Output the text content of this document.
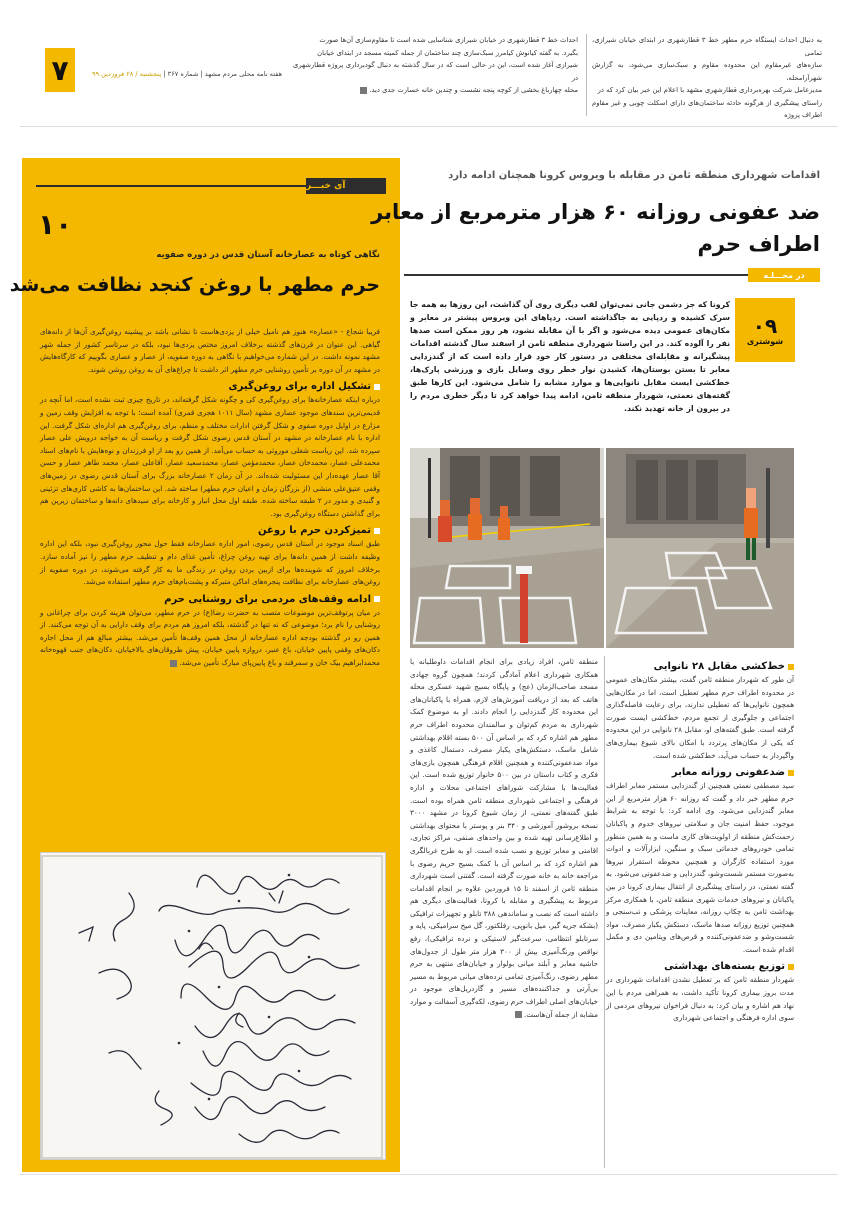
۷	هفته نامه محلی مردم مشهد | شماره ۳۶۷ | پنجشنبه / ۲۸ فروردین ۹۹
احداث خط ۳ قطارشهری در خیابان شیرازی شناسایی شده است تا مقاوم‌سازی آن‌ها صورت
بگیرد. به گفته کیانوش کیامرز سبک‌سازی چند ساختمان از جمله کمیته مسجد در ابتدای خیابان
شیرازی آغاز شده است، این در حالی است که در سال گذشته به دنبال گودبرداری پروژه قطارشهری در
محله چهارباغ بخشی از کوچه پنجه نشست و چندین خانه خسارت جدی دید.
به دنبال احداث ایستگاه حرم مطهر خط ۳ قطارشهری در ابتدای خیابان شیرازی، تمامی
سازه‌های غیرمقاوم این محدوده مقاوم و سبک‌سازی می‌شود، به گزارش شهرآرامحله،
مدیرعامل شرکت بهره‌برداری قطارشهری مشهد با اعلام این خبر بیان کرد که در
راستای پیشگیری از هرگونه حادثه ساختمان‌های دارای اسکلت چوبی و غیر مقاوم اطراف پروژه
آی خبـــر
۱۰
نگاهی کوتاه به عصارخانه آستان قدس در دوره صفویه
حرم مطهر با روغن کنجد نظافت می‌شد

فریبا شجاع - «عصاره» هنوز هم نامیل خیلی از یزدی‌هاست تا نشانی باشد بر پیشینه روغن‌گیری آن‌ها از دانه‌های گیاهی. این عنوان در قرن‌های گذشته برخلاف امروز مختص یزدی‌ها نبود، بلکه در سرتاسر کشور از جمله شهر مشهد نمونه داشت. در این شماره می‌خواهیم با نگاهی به دوره صفویه، از عصار و عصاری بگوییم که کارگاه‌هایش در مشهد در آن دوره بر تأمین روشنایی حرم مطهر اثر داشت تا چراغ‌های آن به روغن روشن شوند.

تشکیل اداره برای روغن‌گیری

درباره اینکه عصارخانه‌ها برای روغن‌گیری کی و چگونه شکل گرفته‌اند، در تاریخ چیزی ثبت نشده است، اما آنچه در قدیمی‌ترین سندهای موجود عصاری مشهد (سال ۱۰۱۱ هجری قمری) آمده است؛ با توجه به افزایش وقف زمین و مزارع در اوایل دوره صفوی و شکل گرفتن ادارات مختلف و منظم، برای روغن‌گیری هم اداره‌ای شکل گرفت. این اداره با نام عصارخانه در مشهد در آستان قدس رضوی شکل گرفت و ریاست آن به خواجه درویش علی عصار سپرده شد. این ریاست شغلی موروثی به حساب می‌آمد. از همین رو بعد از او فرزندان و نوه‌هایش با نام‌های استاد محمدعلی عصار، محمدخان عصار، محمدمؤمن عصار، محمدسعید عصار، آقاعلی عصار، محمد طاهر عصار و حسن آقا عصار عهده‌دار این مسئولیت شده‌اند. در آن زمان ۲ عصارخانه بزرگ برای آستان قدس رضوی در زمین‌های وقفی عتیق‌علی منشی (از بزرگان زمان و اعیان حرم مطهر) ساخته شد. این ساختمان‌ها به کاشی کاری‌های تزئینی و گنبدی و مدور در ۲ طبقه ساخته شده. طبقه اول محل انبار و کارخانه برای سیدهای دانه‌ها و ساختمان زیرین هم برای گذاشتن دستگاه روغن‌گیری بود.

تمیزکردن حرم با روغن

طبق اسناد موجود در آستان قدس رضوی، امور اداره عصارخانه فقط حول محور روغن‌گیری نبود، بلکه این اداره وظیفه داشت از همین دانه‌ها برای تهیه روغن چراغ، تأمین غذای دام و تنظیف حرم مطهر را نیز آماده سازد. برخلاف امروز که شوینده‌ها برای ازبین بردن روغن در زندگی ما به کار گرفته می‌شوند، در دوره صفویه از روغن‌های عصارخانه برای نظافت پنجره‌های اماکن متبرکه و پشت‌بام‌های حرم مطهر استفاده می‌شد.

ادامه وقف‌های مردمی برای روشنایی حرم

در میان پرتوقف‌ترین موضوعات متصب به حضرت رضا(ع) در حرم مطهر، می‌توان هزینه کردن برای چراغانی و روشنایی را نام برد؛ موضوعی که نه تنها در گذشته، بلکه امروز هم مردم برای وقف دارایی به آن توجه می‌کنند. از همین رو در گذشته بودجه اداره عصارخانه از محل همین وقف‌ها تأمین می‌شد. بیشتر مبالغ هم از محل اجاره دکان‌های وقفی پایین خیابان، باغ عنبر، دروازه پایین خیابان، پیش طروقان‌های بالاخیابان، دکان‌های جنب قهوه‌خانه محمدابراهیم بیک خان و سمرقند و باغ پایین‌پای مبارک تأمین می‌شد.

اقدامات شهرداری منطقه ثامن در مقابله با ویروس کرونا همچنان ادامه دارد
ضد عفونی روزانه ۶۰ هزار مترمربع از معابر
اطراف حرم
در محـــلـه
۰۹
شوشتری

کرونا که جز دشمن جانی نمی‌توان لقب دیگری روی آن گذاشت، این روزها به همه جا سرک کشیده و ردپایی به جاگذاشته است. ردپاهای این ویروس پیشتر در معابر و مکان‌های عمومی دیده می‌شود و اگر با آن مقابله نشود، هر روز ممکن است صدها نفر را آلوده کند. در این راستا شهرداری منطقه ثامن از اسفند سال گذشته اقدامات پیشگیرانه و مقابله‌ای مختلفی در دستور کار خود قرار داده است که از گندزدایی معابر تا بستن بوستان‌ها، کشیدن نوار خطر روی وسایل بازی و ورزشی پارک‌ها، خط‌کشی ایست مقابل نانوایی‌ها و موارد مشابه را شامل می‌شود. این کارها طبق گفته‌های نعمتی، شهردار منطقه ثامن، ادامه پیدا خواهد کرد تا دیگر خطری مردم را در بیرون از خانه تهدید نکند.

خط‌کشی مقابل ۲۸ نانوایی

آن طور که شهردار منطقه ثامن گفت، بیشتر مکان‌های عمومی در محدوده اطراف حرم مطهر تعطیل است، اما در مکان‌هایی همچون نانوایی‌ها که تعطیلی ندارند، برای رعایت فاصله‌گذاری اجتماعی و جلوگیری از تجمع مردم، خط‌کشی ایست صورت گرفته است. طبق گفته‌های او، مقابل ۲۸ نانوایی در این محدوده که یکی از مکان‌های پرتردد با امکان بالای شیوع بیماری‌های واگیردار به حساب می‌آید، خط‌کشی شده است.

ضدعفونی روزانه معابر

سید مصطفی نعمتی همچنین از گندزدایی مستمر معابر اطراف حرم مطهر خبر داد و گفت که روزانه ۶۰ هزار مترمربع از این معابر گندزدایی می‌شود. وی ادامه کرد: با توجه به شرایط موجود، حفظ امنیت جان و سلامتی نیروهای خدوم و پاکبانان زحمت‌کش منطقه از اولویت‌های کاری ماست و به همین منظور تمامی خودروهای خدماتی سبک و سنگین، ابزارآلات و ادوات مورد استفاده کارگران و همچنین محوطه استقرار نیروها به‌صورت مستمر شست‌وشو، گندزدایی و ضدعفونی می‌شود. به گفته نعمتی، در راستای پیشگیری از انتقال بیماری کرونا در بین پاکبانان و نیروهای خدمات شهری منطقه ثامن، با همکاری مرکز بهداشت ثامن به چکاپ روزانه، معاینات پزشکی و تب‌سنجی و همچنین توزیع روزانه صدها ماسک، دستکش یکبار مصرف، مواد شست‌وشو و ضدعفونی‌کننده و قرص‌های ویتامین دی و مکمل اقدام شده است.

توزیع بسته‌های بهداشتی

شهردار منطقه ثامن که بر تعطیل نشدن اقدامات شهرداری در مدت بروز بیماری کرونا تأکید داشت، به همراهی مردم با این نهاد هم اشاره و بیان کرد: به دنبال فراخوان نیروهای مردمی از سوی اداره فرهنگی و اجتماعی شهرداری

منطقه ثامن، افراد زیادی برای انجام اقدامات داوطلبانه با همکاری شهرداری اعلام آمادگی کردند؛ همچون گروه جهادی مسجد صاحب‌الزمان (عج) و پایگاه بسیج شهید عسکری محله هاتف که بعد از دریافت آموزش‌های لازم، همراه با پاکبانان‌های این محدوده کار گندزدایی را انجام دادند. او به موضوع کمک شهرداری به مردم کم‌توان و سالمندان محدوده اطراف حرم مطهر هم اشاره کرد که بر اساس آن ۵۰۰ بسته اقلام بهداشتی شامل ماسک، دستکش‌های یکبار مصرف، دستمال کاغذی و مواد ضدعفونی‌کننده و همچنین اقلام فرهنگی همچون بازی‌های فکری و کتاب داستان در بین ۵۰۰ خانوار توزیع شده است. این فعالیت‌ها با مشارکت شوراهای اجتماعی محلات و اداره فرهنگی و اجتماعی شهرداری منطقه ثامن همراه بوده است. طبق گفته‌های نعمتی، از زمان شیوع کرونا در مشهد ۳۰۰۰ نسخه بروشور آموزشی و ۳۴۰ بنر و پوستر با محتوای بهداشتی و اطلاع‌رسانی تهیه شده و بین واحدهای صنفی، مراکز تجاری، اقامتی و معابر توزیع و نصب شده است. او به طرح غربالگری هم اشاره کرد که بر اساس آن با کمک بسیج حریم رضوی با مراجعه خانه به خانه صورت گرفته است. گفتنی است شهرداری منطقه ثامن از اسفند تا ۱۵ فروردین علاوه بر انجام اقدامات مربوط به پیشگیری و مقابله با کرونا، فعالیت‌های دیگری هم داشته است که نصب و ساماندهی ۳۸۸ تابلو و تجهیزات ترافیکی (بشکه جریه گیر، میل بانوپی، رفلکتور، گل میخ سرامیکی، پایه و سرتابلو انتظامی، سرعت‌گیر لاستیکی و نرده ترافیکی)، رفع نواقص ورنگ‌آمیزی بیش از ۳۰۰ هزار متر طول از جدول‌های حاشیه معابر و آبلند میانی بولوار و خیابان‌های منتهی به حرم مطهر رضوی، رنگ‌آمیزی تمامی نرده‌های میانی مربوط به مسیر بی‌آرتی و جداکننده‌های مسیر و گاردریل‌های موجود در خیابان‌های اصلی اطراف حرم رضوی، لکه‌گیری آسفالت و موارد مشابه از جمله آن‌هاست.
